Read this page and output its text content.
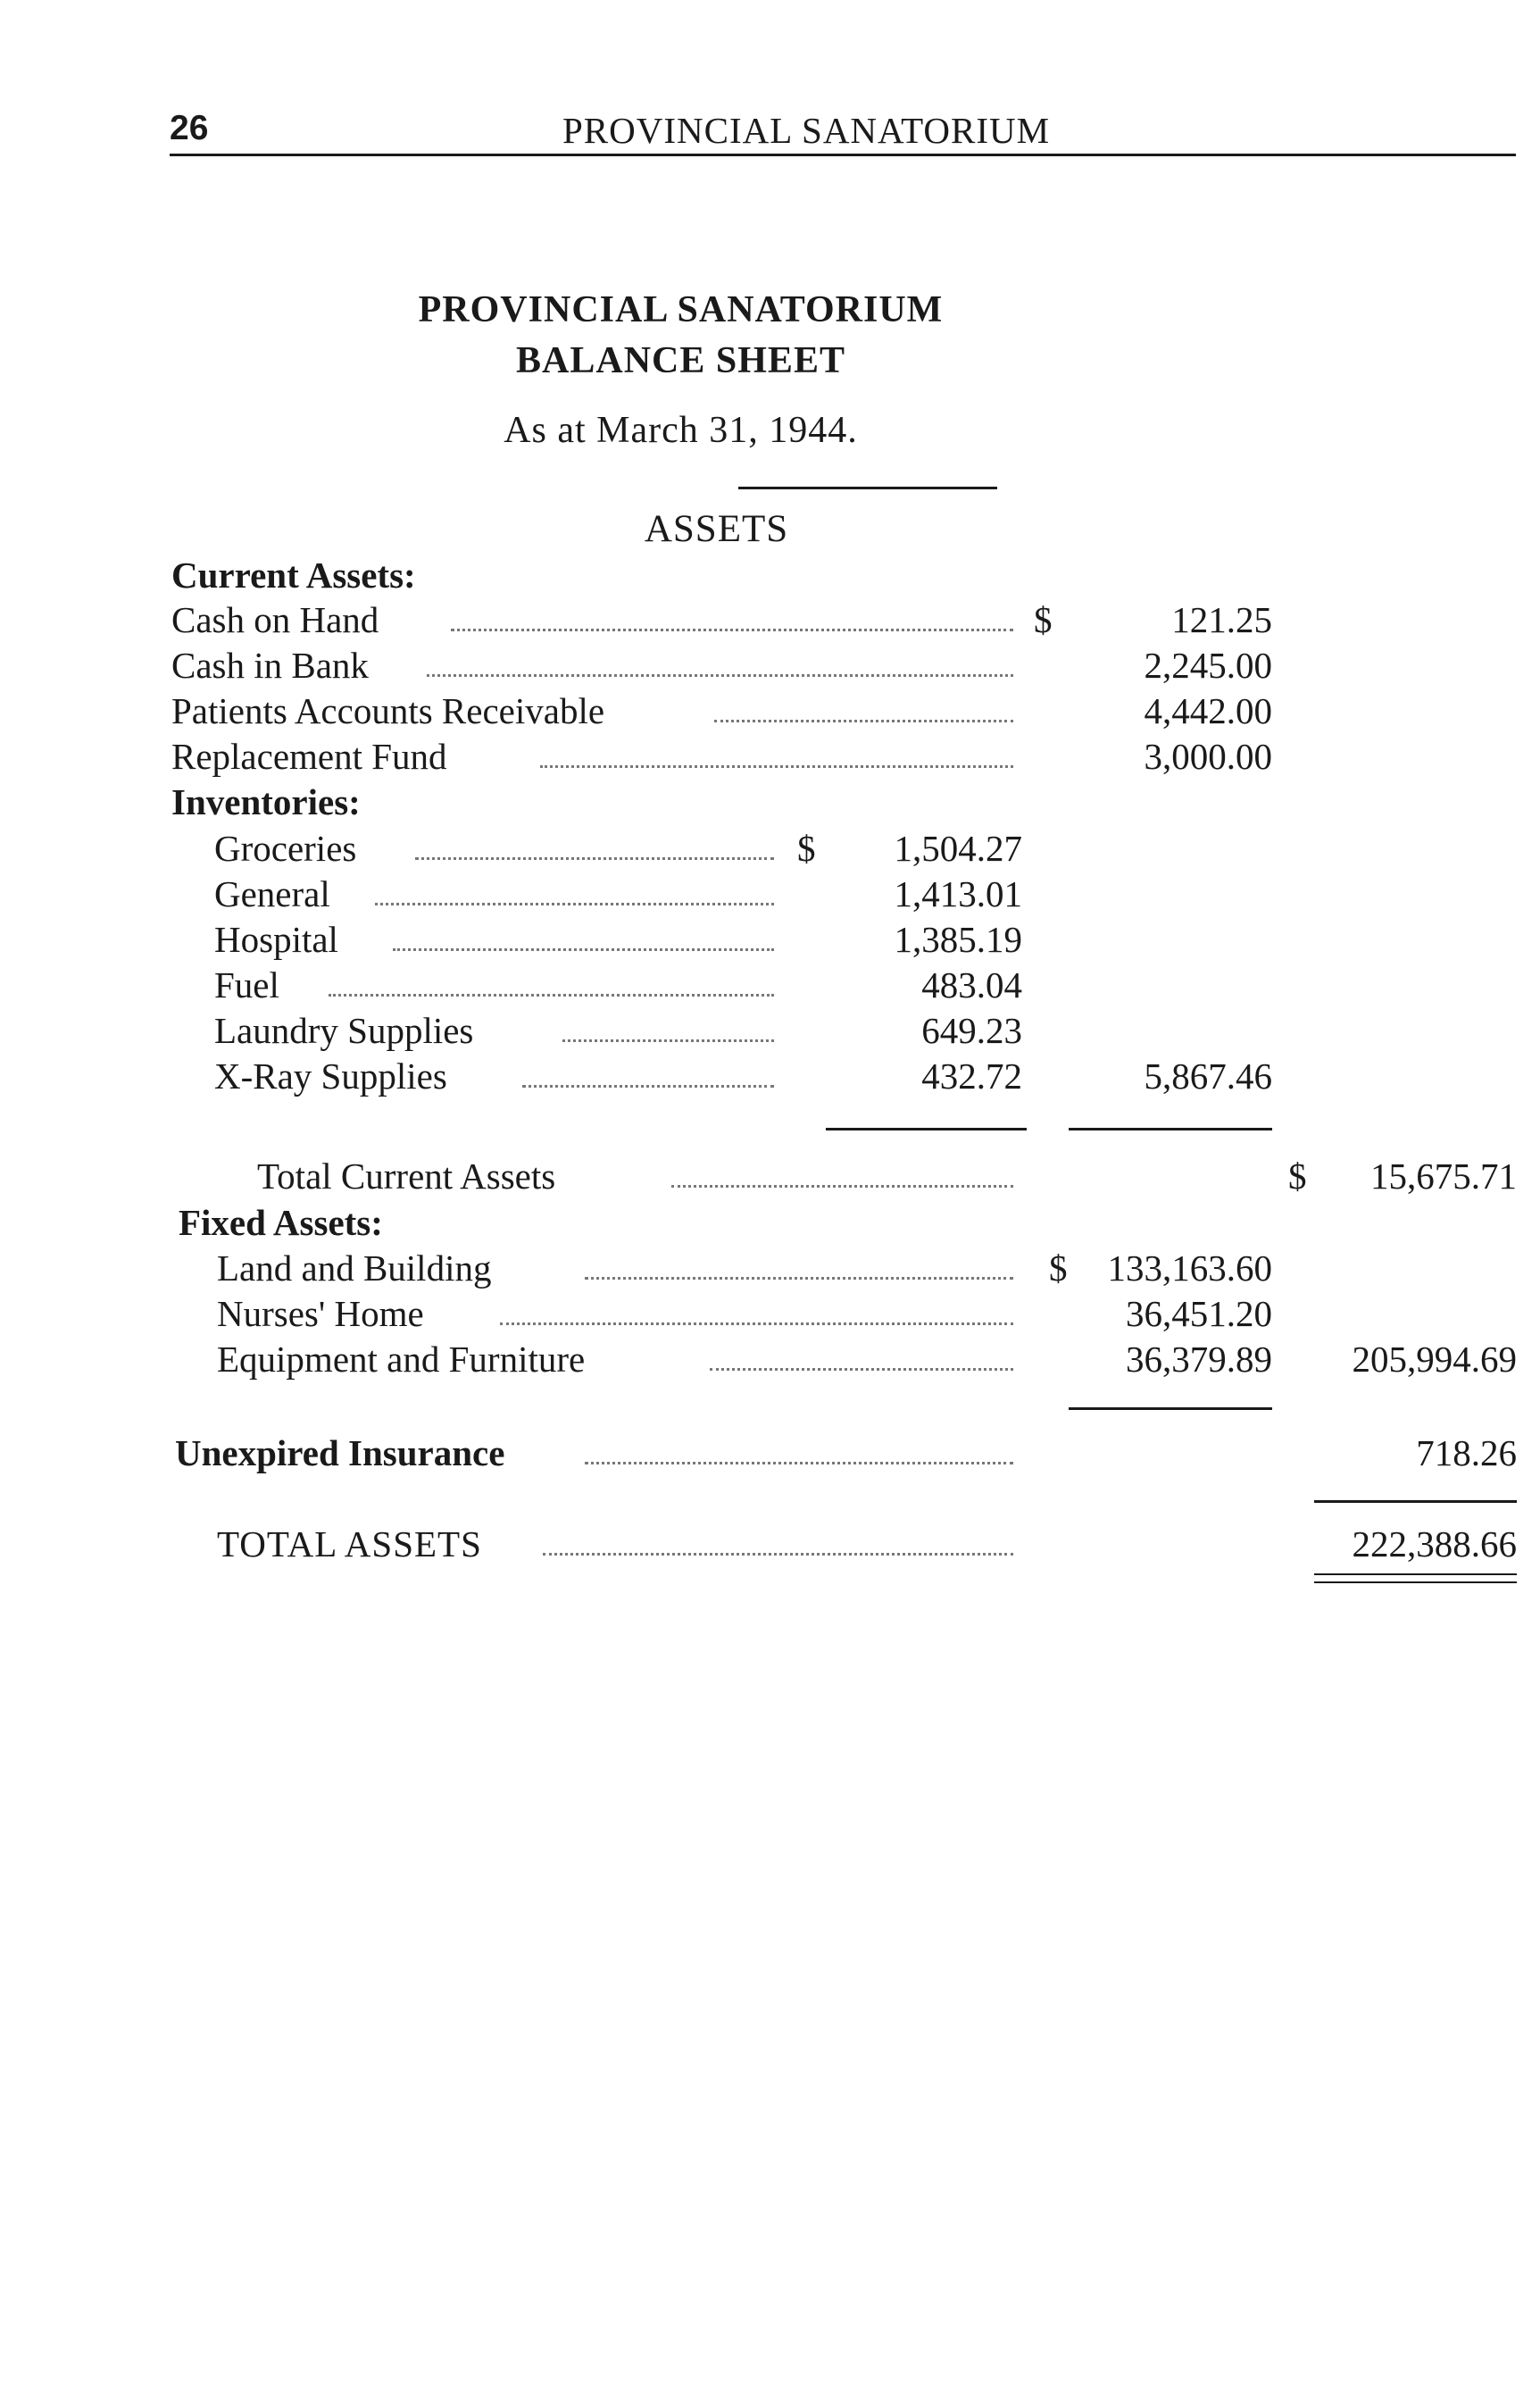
26	PROVINCIAL SANATORIUM
PROVINCIAL SANATORIUM
BALANCE SHEET
As at March 31, 1944.
ASSETS
Current Assets:
Cash on Hand	$	121.25
Cash in Bank	2,245.00
Patients Accounts Receivable	4,442.00
Replacement Fund	3,000.00
Inventories:
Groceries	$ 1,504.27
General	1,413.01
Hospital	1,385.19
Fuel	483.04
Laundry Supplies	649.23
X-Ray Supplies	432.72	5,867.46
Total Current Assets	$ 15,675.71
Fixed Assets:
Land and Building	$ 133,163.60
Nurses' Home	36,451.20
Equipment and Furniture	36,379.89 205,994.69
Unexpired Insurance	718.26
TOTAL ASSETS	222,388.66
